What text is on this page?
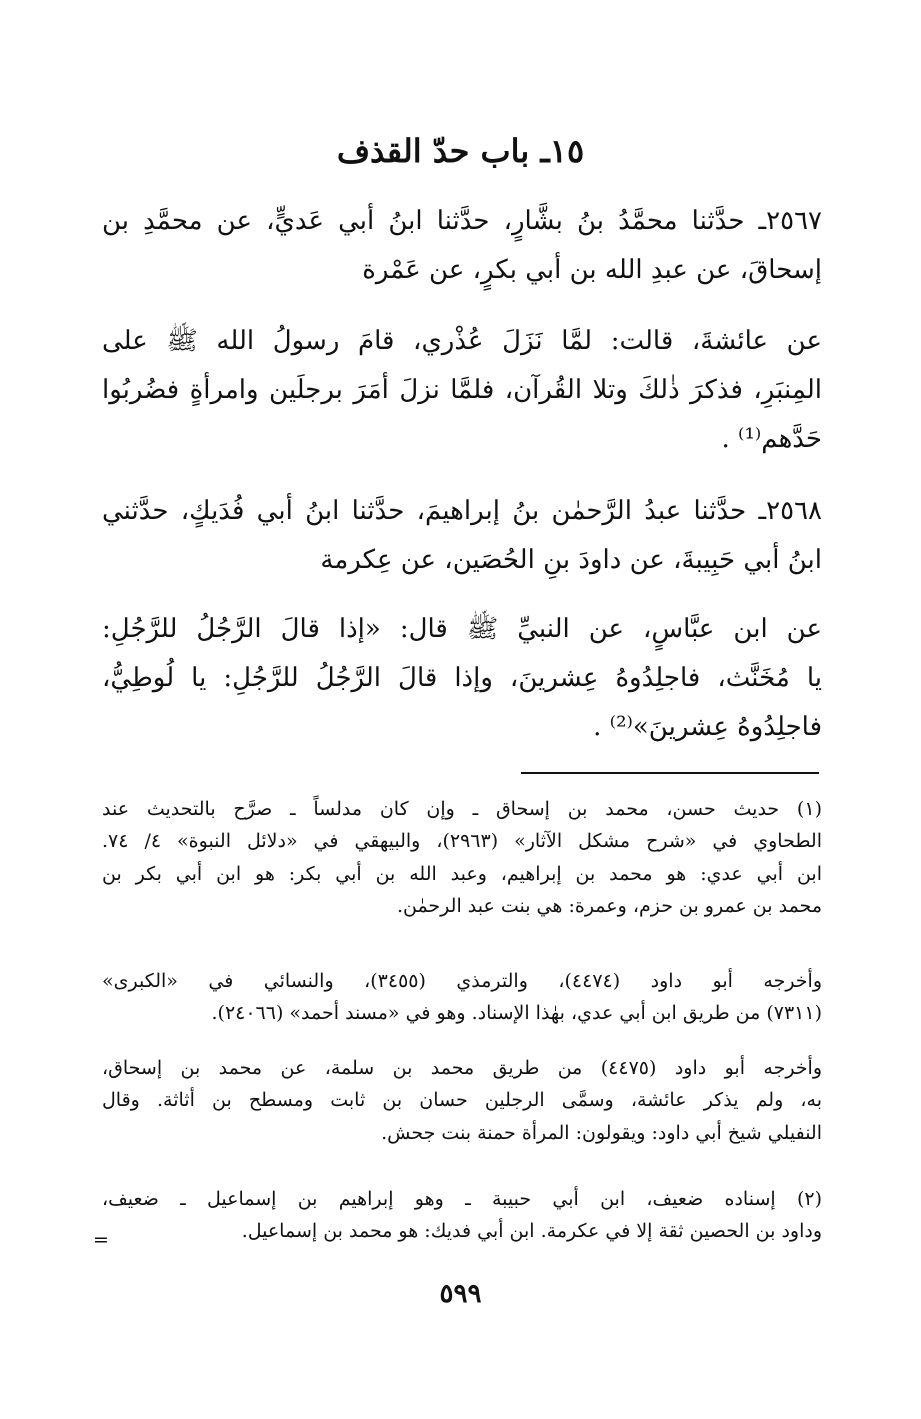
١٥ـ باب حدّ القذف
٢٥٦٧ـ حدَّثنا محمَّدُ بنُ بشَّارٍ، حدَّثنا ابنُ أبي عَديٍّ، عن محمَّدِ بن
إسحاقَ، عن عبدِ الله بن أبي بكرٍ، عن عَمْرة
عن عائشةَ، قالت: لمَّا نَزَلَ عُذْري، قامَ رسولُ الله ﷺ على
المِنبَرِ، فذكرَ ذٰلكَ وتلا القُرآن، فلمَّا نزلَ أمَرَ برجلَين وامرأةٍ فضُربُوا
حَدَّهم⁽¹⁾ .
٢٥٦٨ـ حدَّثنا عبدُ الرَّحمٰن بنُ إبراهيمَ، حدَّثنا ابنُ أبي فُدَيكٍ، حدَّثني
ابنُ أبي حَبِيبةَ، عن داودَ بنِ الحُصَين، عن عِكرمة
عن ابن عبَّاسٍ، عن النبيِّ ﷺ قال: «إذا قالَ الرَّجُلُ للرَّجُلِ:
يا مُخَنَّث، فاجلِدُوهُ عِشرينَ، وإذا قالَ الرَّجُلُ للرَّجُلِ: يا لُوطِيُّ،
فاجلِدُوهُ عِشرينَ»⁽²⁾ .
(١) حديث حسن، محمد بن إسحاق ـ وإن كان مدلساً ـ صرَّح بالتحديث عند
الطحاوي في «شرح مشكل الآثار» (٢٩٦٣)، والبيهقي في «دلائل النبوة» ٤/ ٧٤.
ابن أبي عدي: هو محمد بن إبراهيم، وعبد الله بن أبي بكر: هو ابن أبي بكر بن
محمد بن عمرو بن حزم، وعمرة: هي بنت عبد الرحمٰن.
وأخرجه أبو داود (٤٤٧٤)، والترمذي (٣٤٥٥)، والنسائي في «الكبرى»
(٧٣١١) من طريق ابن أبي عدي، بهٰذا الإسناد. وهو في «مسند أحمد» (٢٤٠٦٦).
وأخرجه أبو داود (٤٤٧٥) من طريق محمد بن سلمة، عن محمد بن إسحاق،
به، ولم يذكر عائشة، وسمَّى الرجلين حسان بن ثابت ومسطح بن أثاثة. وقال
النفيلي شيخ أبي داود: ويقولون: المرأة حمنة بنت جحش.
(٢) إسناده ضعيف، ابن أبي حبيبة ـ وهو إبراهيم بن إسماعيل ـ ضعيف،
وداود بن الحصين ثقة إلا في عكرمة. ابن أبي فديك: هو محمد بن إسماعيل.
=
٥٩٩
